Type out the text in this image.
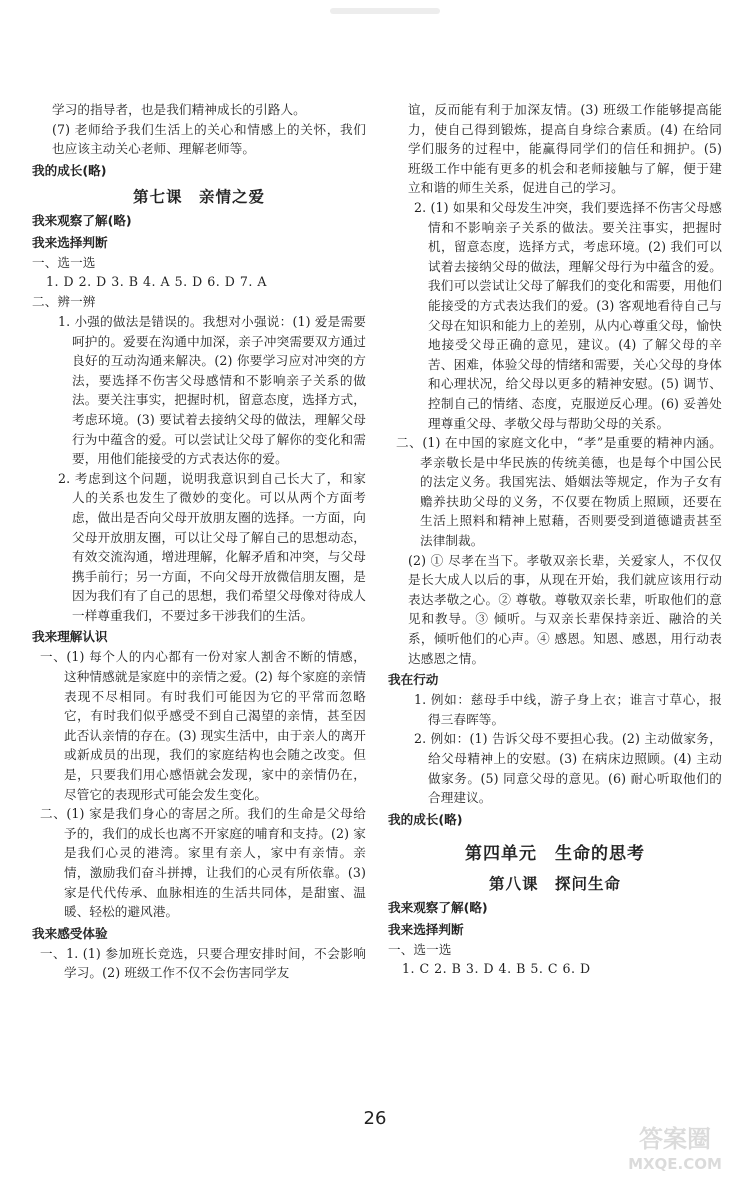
学习的指导者，也是我们精神成长的引路人。

(7) 老师给予我们生活上的关心和情感上的关怀，我们也应该主动关心老师、理解老师等。

我的成长(略)

第七课　亲情之爱

我来观察了解(略)

我来选择判断

一、选一选

1. D 2. D 3. B 4. A 5. D 6. D 7. A

二、辨一辨

1. 小强的做法是错误的。我想对小强说：(1) 爱是需要呵护的。爱要在沟通中加深，亲子冲突需要双方通过良好的互动沟通来解决。(2) 你要学习应对冲突的方法，要选择不伤害父母感情和不影响亲子关系的做法。要关注事实，把握时机，留意态度，选择方式，考虑环境。(3) 要试着去接纳父母的做法，理解父母行为中蕴含的爱。可以尝试让父母了解你的变化和需要，用他们能接受的方式表达你的爱。

2. 考虑到这个问题，说明我意识到自己长大了，和家人的关系也发生了微妙的变化。可以从两个方面考虑，做出是否向父母开放朋友圈的选择。一方面，向父母开放朋友圈，可以让父母了解自己的思想动态，有效交流沟通，增进理解，化解矛盾和冲突，与父母携手前行；另一方面，不向父母开放微信朋友圈，是因为我们有了自己的思想，我们希望父母像对待成人一样尊重我们，不要过多干涉我们的生活。

我来理解认识

一、(1) 每个人的内心都有一份对家人割舍不断的情感，这种情感就是家庭中的亲情之爱。(2) 每个家庭的亲情表现不尽相同。有时我们可能因为它的平常而忽略它，有时我们似乎感受不到自己渴望的亲情，甚至因此否认亲情的存在。(3) 现实生活中，由于亲人的离开或新成员的出现，我们的家庭结构也会随之改变。但是，只要我们用心感悟就会发现，家中的亲情仍在，尽管它的表现形式可能会发生变化。

二、(1) 家是我们身心的寄居之所。我们的生命是父母给予的，我们的成长也离不开家庭的哺育和支持。(2) 家是我们心灵的港湾。家里有亲人，家中有亲情。亲情，激励我们奋斗拼搏，让我们的心灵有所依靠。(3) 家是代代传承、血脉相连的生活共同体，是甜蜜、温暖、轻松的避风港。

我来感受体验

一、1. (1) 参加班长竞选，只要合理安排时间，不会影响学习。(2) 班级工作不仅不会伤害同学友

谊，反而能有利于加深友情。(3) 班级工作能够提高能力，使自己得到锻炼，提高自身综合素质。(4) 在给同学们服务的过程中，能赢得同学们的信任和拥护。(5) 班级工作中能有更多的机会和老师接触与了解，便于建立和谐的师生关系，促进自己的学习。

2. (1) 如果和父母发生冲突，我们要选择不伤害父母感情和不影响亲子关系的做法。要关注事实，把握时机，留意态度，选择方式，考虑环境。(2) 我们可以试着去接纳父母的做法，理解父母行为中蕴含的爱。我们可以尝试让父母了解我们的变化和需要，用他们能接受的方式表达我们的爱。(3) 客观地看待自己与父母在知识和能力上的差别，从内心尊重父母，愉快地接受父母正确的意见，建议。(4) 了解父母的辛苦、困难，体验父母的情绪和需要，关心父母的身体和心理状况，给父母以更多的精神安慰。(5) 调节、控制自己的情绪、态度，克服逆反心理。(6) 妥善处理尊重父母、孝敬父母与帮助父母的关系。

二、(1) 在中国的家庭文化中，“孝”是重要的精神内涵。孝亲敬长是中华民族的传统美德，也是每个中国公民的法定义务。我国宪法、婚姻法等规定，作为子女有赡养扶助父母的义务，不仅要在物质上照顾，还要在生活上照料和精神上慰藉，否则要受到道德谴责甚至法律制裁。

(2) ① 尽孝在当下。孝敬双亲长辈，关爱家人，不仅仅是长大成人以后的事，从现在开始，我们就应该用行动表达孝敬之心。② 尊敬。尊敬双亲长辈，听取他们的意见和教导。③ 倾听。与双亲长辈保持亲近、融洽的关系，倾听他们的心声。④ 感恩。知恩、感恩，用行动表达感恩之情。

我在行动

1. 例如：慈母手中线，游子身上衣；谁言寸草心，报得三春晖等。

2. 例如：(1) 告诉父母不要担心我。(2) 主动做家务，给父母精神上的安慰。(3) 在病床边照顾。(4) 主动做家务。(5) 同意父母的意见。(6) 耐心听取他们的合理建议。

我的成长(略)

第四单元　生命的思考

第八课　探问生命

我来观察了解(略)

我来选择判断

一、选一选

1. C 2. B 3. D 4. B 5. C 6. D

26
答案圈
MXQE.COM
